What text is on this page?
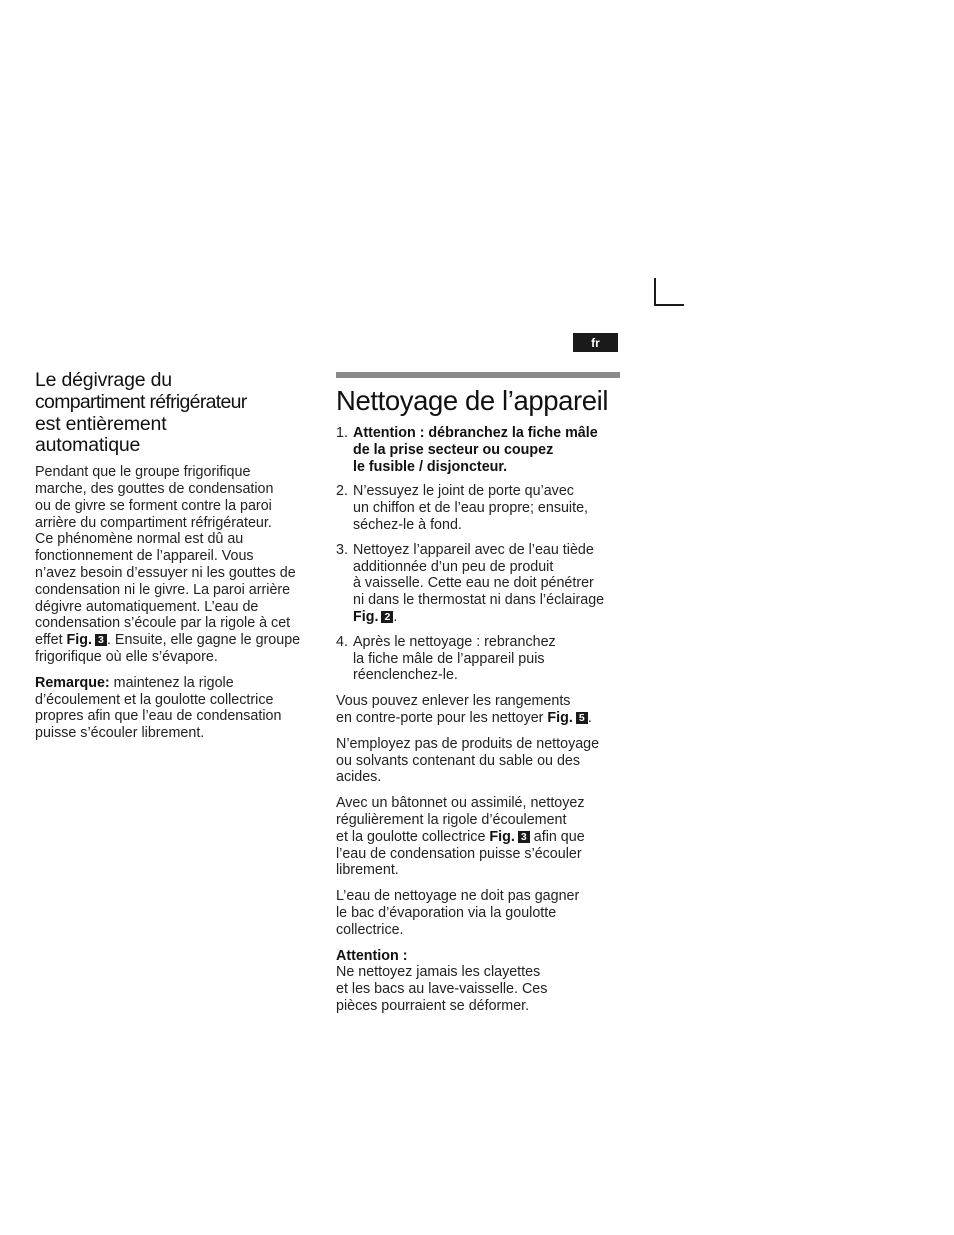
fr
Le dégivrage du
compartiment réfrigérateur
est entièrement
automatique

Pendant que le groupe frigorifique
marche, des gouttes de condensation
ou de givre se forment contre la paroi
arrière du compartiment réfrigérateur.
Ce phénomène normal est dû au
fonctionnement de l’appareil. Vous
n’avez besoin d’essuyer ni les gouttes de
condensation ni le givre. La paroi arrière
dégivre automatiquement. L’eau de
condensation s’écoule par la rigole à cet
effet Fig. 3 . Ensuite, elle gagne le groupe
frigorifique où elle s’évapore.

Remarque: maintenez la rigole
d’écoulement et la goulotte collectrice
propres afin que l’eau de condensation
puisse s’écouler librement.

Nettoyage de l’appareil
1. Attention : débranchez la fiche mâle
de la prise secteur ou coupez
le fusible / disjoncteur.
2. N’essuyez le joint de porte qu’avec
un chiffon et de l’eau propre; ensuite,
séchez-le à fond.
3. Nettoyez l’appareil avec de l’eau tiède
additionnée d’un peu de produit
à vaisselle. Cette eau ne doit pénétrer
ni dans le thermostat ni dans l’éclairage
Fig. 2 .
4. Après le nettoyage : rebranchez
la fiche mâle de l’appareil puis
réenclenchez-le.

Vous pouvez enlever les rangements
en contre-porte pour les nettoyer Fig. 5 .

N’employez pas de produits de nettoyage
ou solvants contenant du sable ou des
acides.

Avec un bâtonnet ou assimilé, nettoyez
régulièrement la rigole d’écoulement
et la goulotte collectrice Fig. 3 afin que
l’eau de condensation puisse s’écouler
librement.

L’eau de nettoyage ne doit pas gagner
le bac d’évaporation via la goulotte
collectrice.

Attention :
Ne nettoyez jamais les clayettes
et les bacs au lave-vaisselle. Ces
pièces pourraient se déformer.
